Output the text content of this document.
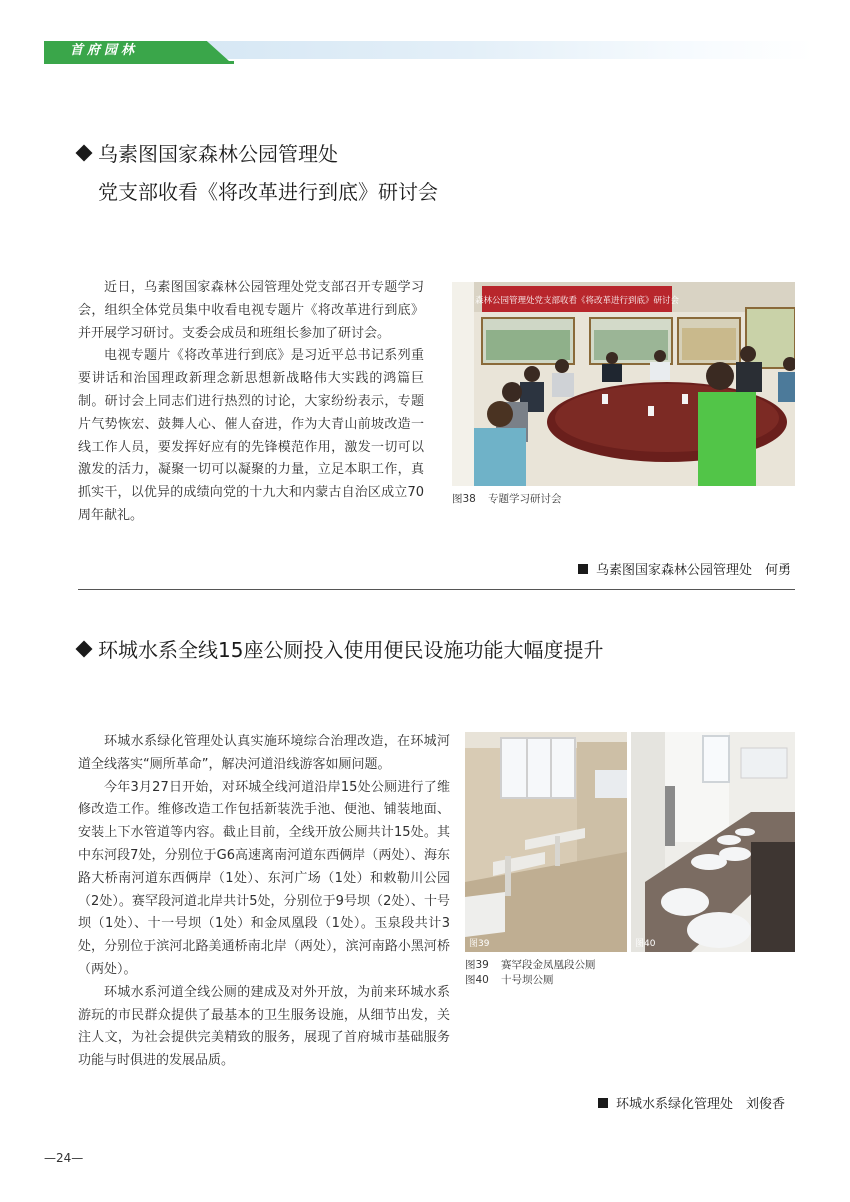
首府园林
乌素图国家森林公园管理处
党支部收看《将改革进行到底》研讨会

近日，乌素图国家森林公园管理处党支部召开专题学习会，组织全体党员集中收看电视专题片《将改革进行到底》并开展学习研讨。支委会成员和班组长参加了研讨会。

电视专题片《将改革进行到底》是习近平总书记系列重要讲话和治国理政新理念新思想新战略伟大实践的鸿篇巨制。研讨会上同志们进行热烈的讨论，大家纷纷表示，专题片气势恢宏、鼓舞人心、催人奋进，作为大青山前坡改造一线工作人员，要发挥好应有的先锋模范作用，激发一切可以激发的活力，凝聚一切可以凝聚的力量，立足本职工作，真抓实干，以优异的成绩向党的十九大和内蒙古自治区成立70周年献礼。

森林公园管理处党支部收看《将改革进行到底》研讨会
图38 专题学习研讨会
乌素图国家森林公园管理处　何勇
环城水系全线15座公厕投入使用便民设施功能大幅度提升

环城水系绿化管理处认真实施环境综合治理改造，在环城河道全线落实“厕所革命”，解决河道沿线游客如厕问题。

今年3月27日开始，对环城全线河道沿岸15处公厕进行了维修改造工作。维修改造工作包括新装洗手池、便池、铺装地面、安装上下水管道等内容。截止目前，全线开放公厕共计15处。其中东河段7处，分别位于G6高速离南河道东西俩岸（两处）、海东路大桥南河道东西俩岸（1处）、东河广场（1处）和敕勒川公园（2处）。赛罕段河道北岸共计5处，分别位于9号坝（2处）、十号坝（1处）、十一号坝（1处）和金凤凰段（1处）。玉泉段共计3处，分别位于滨河北路美通桥南北岸（两处），滨河南路小黑河桥（两处）。

环城水系河道全线公厕的建成及对外开放，为前来环城水系游玩的市民群众提供了最基本的卫生服务设施，从细节出发，关注人文，为社会提供完美精致的服务，展现了首府城市基础服务功能与时俱进的发展品质。

图39	图40
图39 赛罕段金凤凰段公厕
图40 十号坝公厕
环城水系绿化管理处　刘俊香
—24—
